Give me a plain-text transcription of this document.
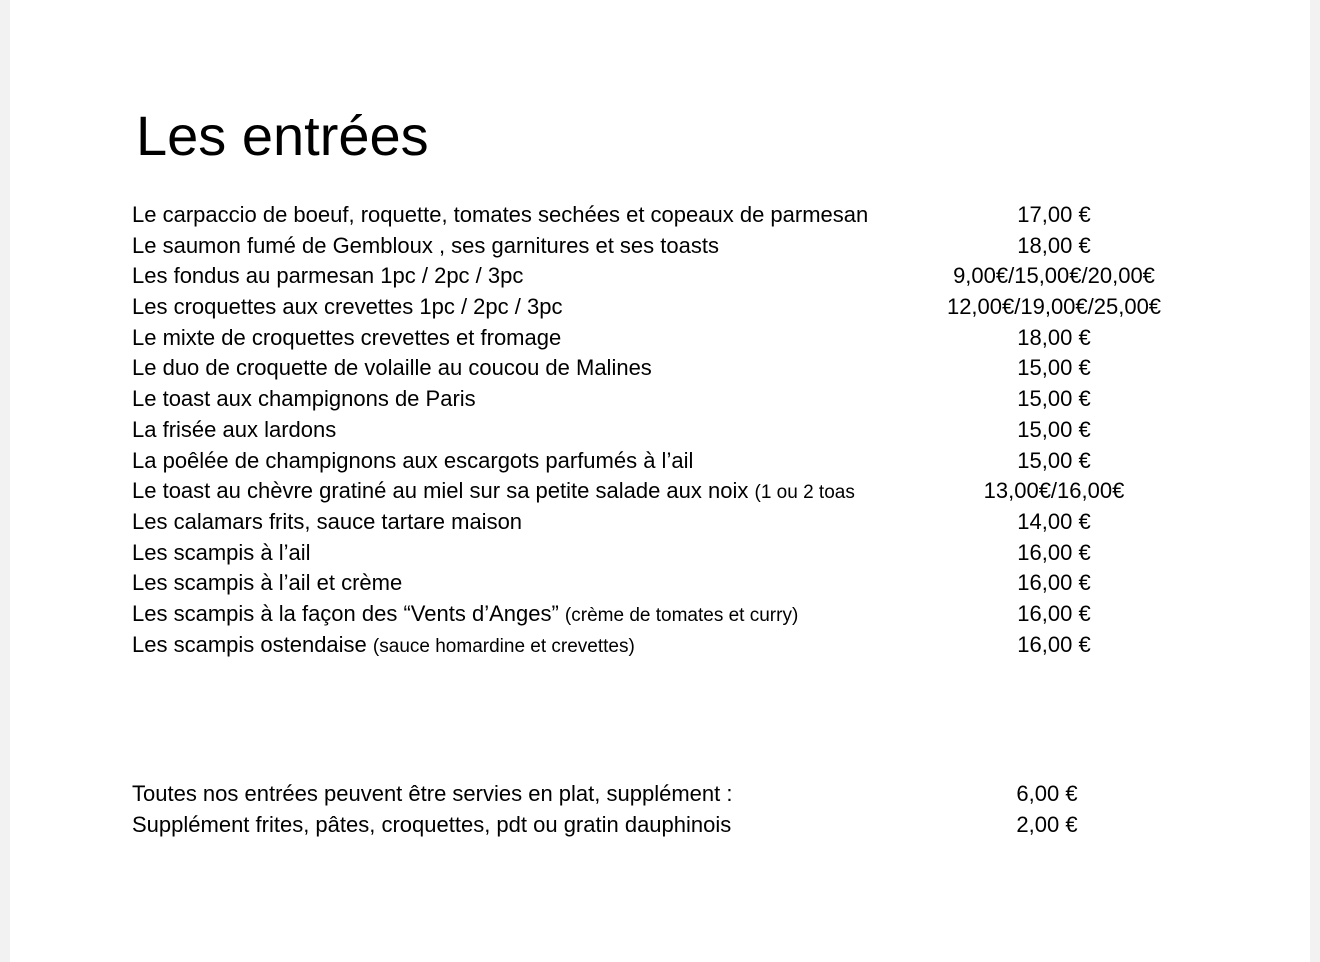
Les entrées
Le carpaccio de boeuf, roquette, tomates sechées et copeaux de parmesan	17,00 €
Le saumon fumé de Gembloux , ses garnitures et ses toasts	18,00 €
Les fondus au parmesan 1pc / 2pc / 3pc	9,00€/15,00€/20,00€
Les croquettes aux crevettes 1pc / 2pc / 3pc	12,00€/19,00€/25,00€
Le mixte de croquettes crevettes et fromage	18,00 €
Le duo de croquette de volaille au coucou de Malines	15,00 €
Le toast aux champignons de Paris	15,00 €
La frisée aux lardons	15,00 €
La poêlée de champignons aux escargots parfumés à l’ail	15,00 €
Le toast au chèvre gratiné au miel sur sa petite salade aux noix (1 ou 2 toas	13,00€/16,00€
Les calamars frits, sauce tartare maison	14,00 €
Les scampis à l’ail	16,00 €
Les scampis à l’ail et crème	16,00 €
Les scampis à la façon des “Vents d’Anges” (crème de tomates et curry)	16,00 €
Les scampis ostendaise (sauce homardine et crevettes)	16,00 €
Toutes nos entrées peuvent être servies en plat, supplément :	6,00 €
Supplément frites, pâtes, croquettes, pdt ou gratin dauphinois	2,00 €
